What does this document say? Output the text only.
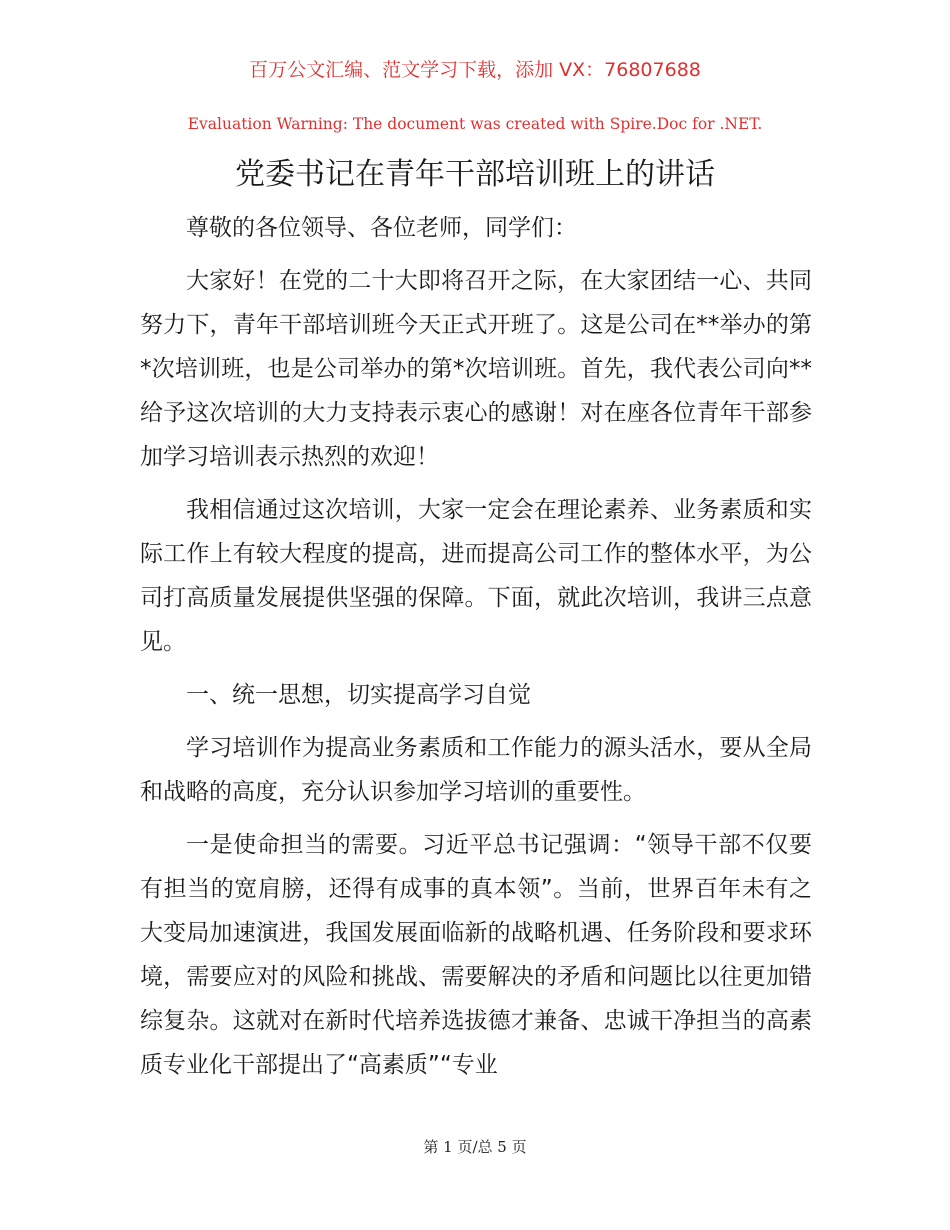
百万公文汇编、范文学习下载，添加 VX：76807688
Evaluation Warning: The document was created with Spire.Doc for .NET.
党委书记在青年干部培训班上的讲话

尊敬的各位领导、各位老师，同学们：

大家好！在党的二十大即将召开之际，在大家团结一心、共同努力下，青年干部培训班今天正式开班了。这是公司在**举办的第*次培训班，也是公司举办的第*次培训班。首先，我代表公司向**给予这次培训的大力支持表示衷心的感谢！对在座各位青年干部参加学习培训表示热烈的欢迎！

我相信通过这次培训，大家一定会在理论素养、业务素质和实际工作上有较大程度的提高，进而提高公司工作的整体水平，为公司打高质量发展提供坚强的保障。下面，就此次培训，我讲三点意见。

一、统一思想，切实提高学习自觉

学习培训作为提高业务素质和工作能力的源头活水，要从全局和战略的高度，充分认识参加学习培训的重要性。

一是使命担当的需要。习近平总书记强调：“领导干部不仅要有担当的宽肩膀，还得有成事的真本领”。当前，世界百年未有之大变局加速演进，我国发展面临新的战略机遇、任务阶段和要求环境，需要应对的风险和挑战、需要解决的矛盾和问题比以往更加错综复杂。这就对在新时代培养选拔德才兼备、忠诚干净担当的高素质专业化干部提出了“高素质”“专业

第 1 页/总 5 页
